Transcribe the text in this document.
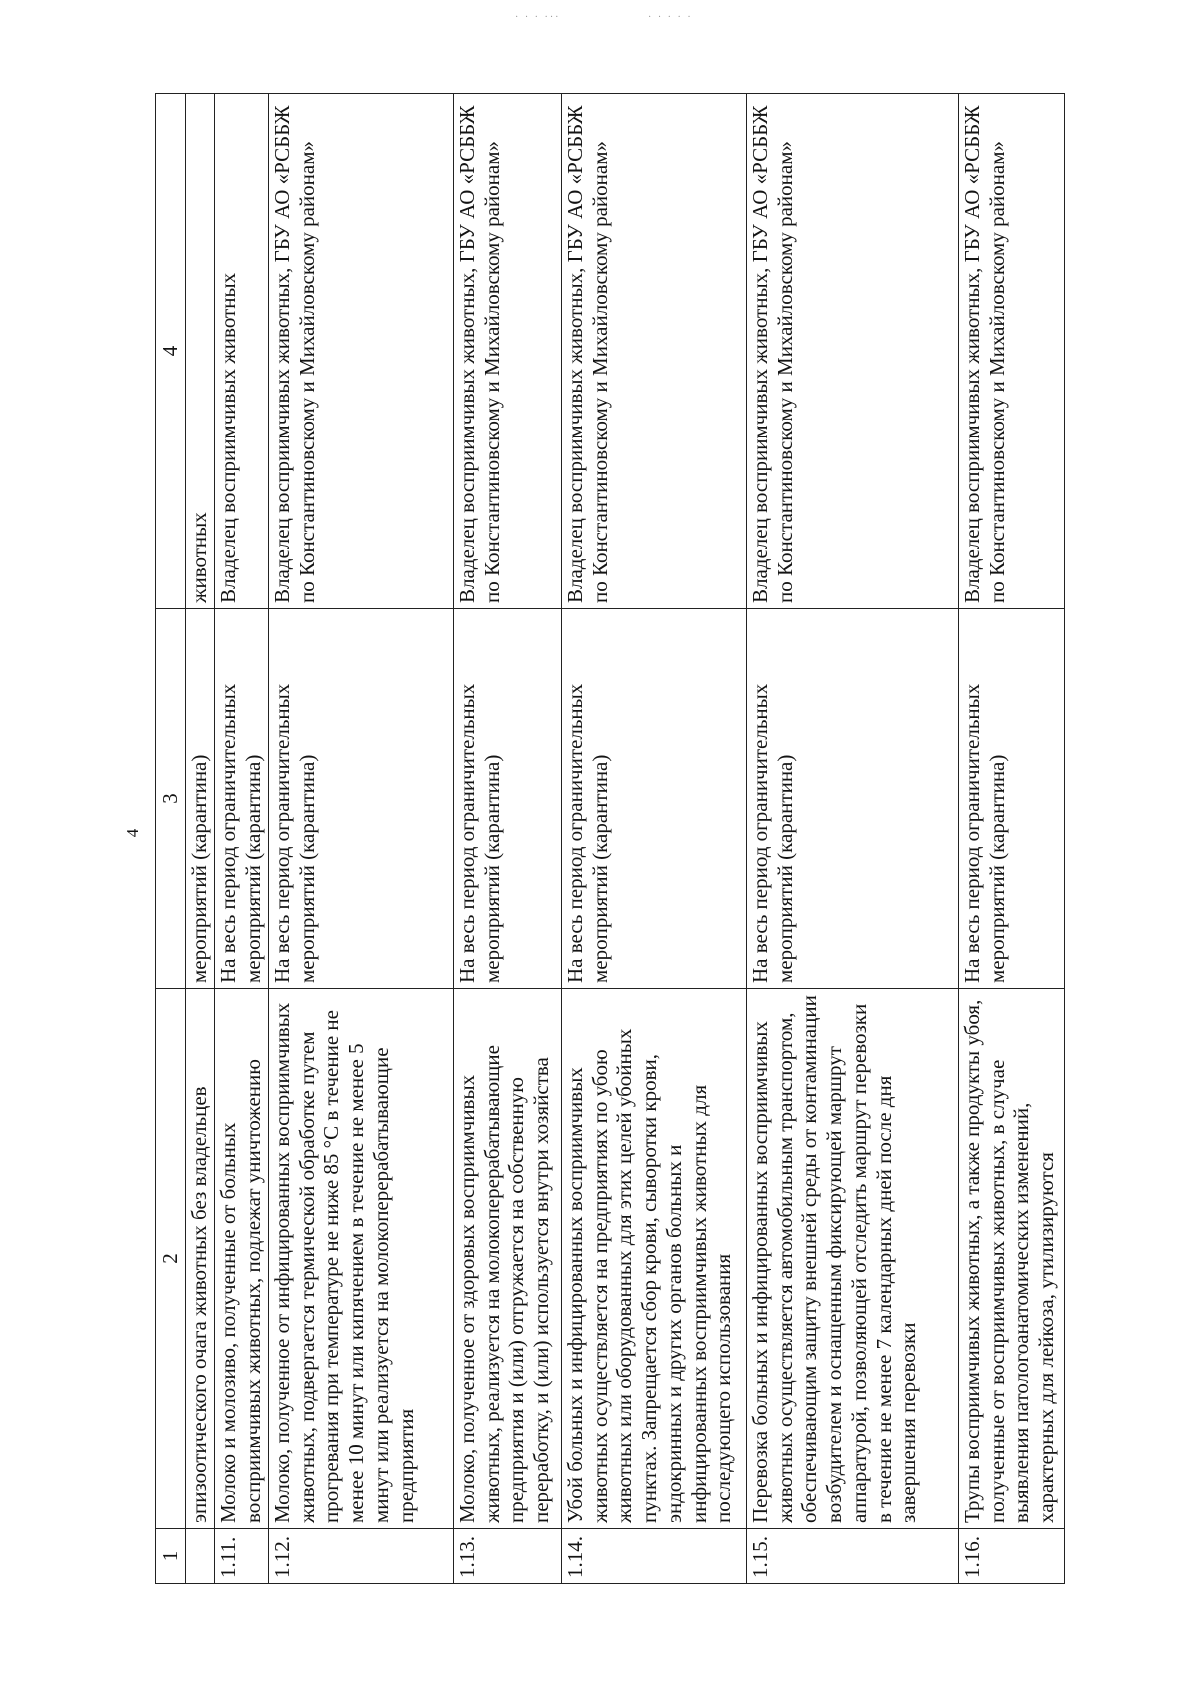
· · · ···	· · · · ·
4
1	2	3	4
	эпизоотического очага животных без владельцев	мероприятий (карантина)	животных
1.11.	Молоко и молозиво, полученные от больных восприимчивых животных, подлежат уничтожению	На весь период ограничительных мероприятий (карантина)	Владелец восприимчивых животных
1.12.	Молоко, полученное от инфицированных восприимчивых животных, подвергается термической обработке путем прогревания при температуре не ниже 85 °С в течение не менее 10 минут или кипячением в течение не менее 5 минут или реализуется на молокоперерабатывающие предприятия	На весь период ограничительных мероприятий (карантина)	Владелец восприимчивых животных, ГБУ АО «РСББЖ по Константиновскому и Михайловскому районам»
1.13.	Молоко, полученное от здоровых восприимчивых животных, реализуется на молокоперерабатывающие предприятия и (или) отгружается на собственную переработку, и (или) используется внутри хозяйства	На весь период ограничительных мероприятий (карантина)	Владелец восприимчивых животных, ГБУ АО «РСББЖ по Константиновскому и Михайловскому районам»
1.14.	Убой больных и инфицированных восприимчивых животных осуществляется на предприятиях по убою животных или оборудованных для этих целей убойных пунктах. Запрещается сбор крови, сыворотки крови, эндокринных и других органов больных и инфицированных восприимчивых животных для последующего использования	На весь период ограничительных мероприятий (карантина)	Владелец восприимчивых животных, ГБУ АО «РСББЖ по Константиновскому и Михайловскому районам»
1.15.	Перевозка больных и инфицированных восприимчивых животных осуществляется автомобильным транспортом, обеспечивающим защиту внешней среды от контаминации возбудителем и оснащенным фиксирующей маршрут аппаратурой, позволяющей отследить маршрут перевозки в течение не менее 7 календарных дней после дня завершения перевозки	На весь период ограничительных мероприятий (карантина)	Владелец восприимчивых животных, ГБУ АО «РСББЖ по Константиновскому и Михайловскому районам»
1.16.	Трупы восприимчивых животных, а также продукты убоя, полученные от восприимчивых животных, в случае выявления патологоанатомических изменений, характерных для лейкоза, утилизируются	На весь период ограничительных мероприятий (карантина)	Владелец восприимчивых животных, ГБУ АО «РСББЖ по Константиновскому и Михайловскому районам»
